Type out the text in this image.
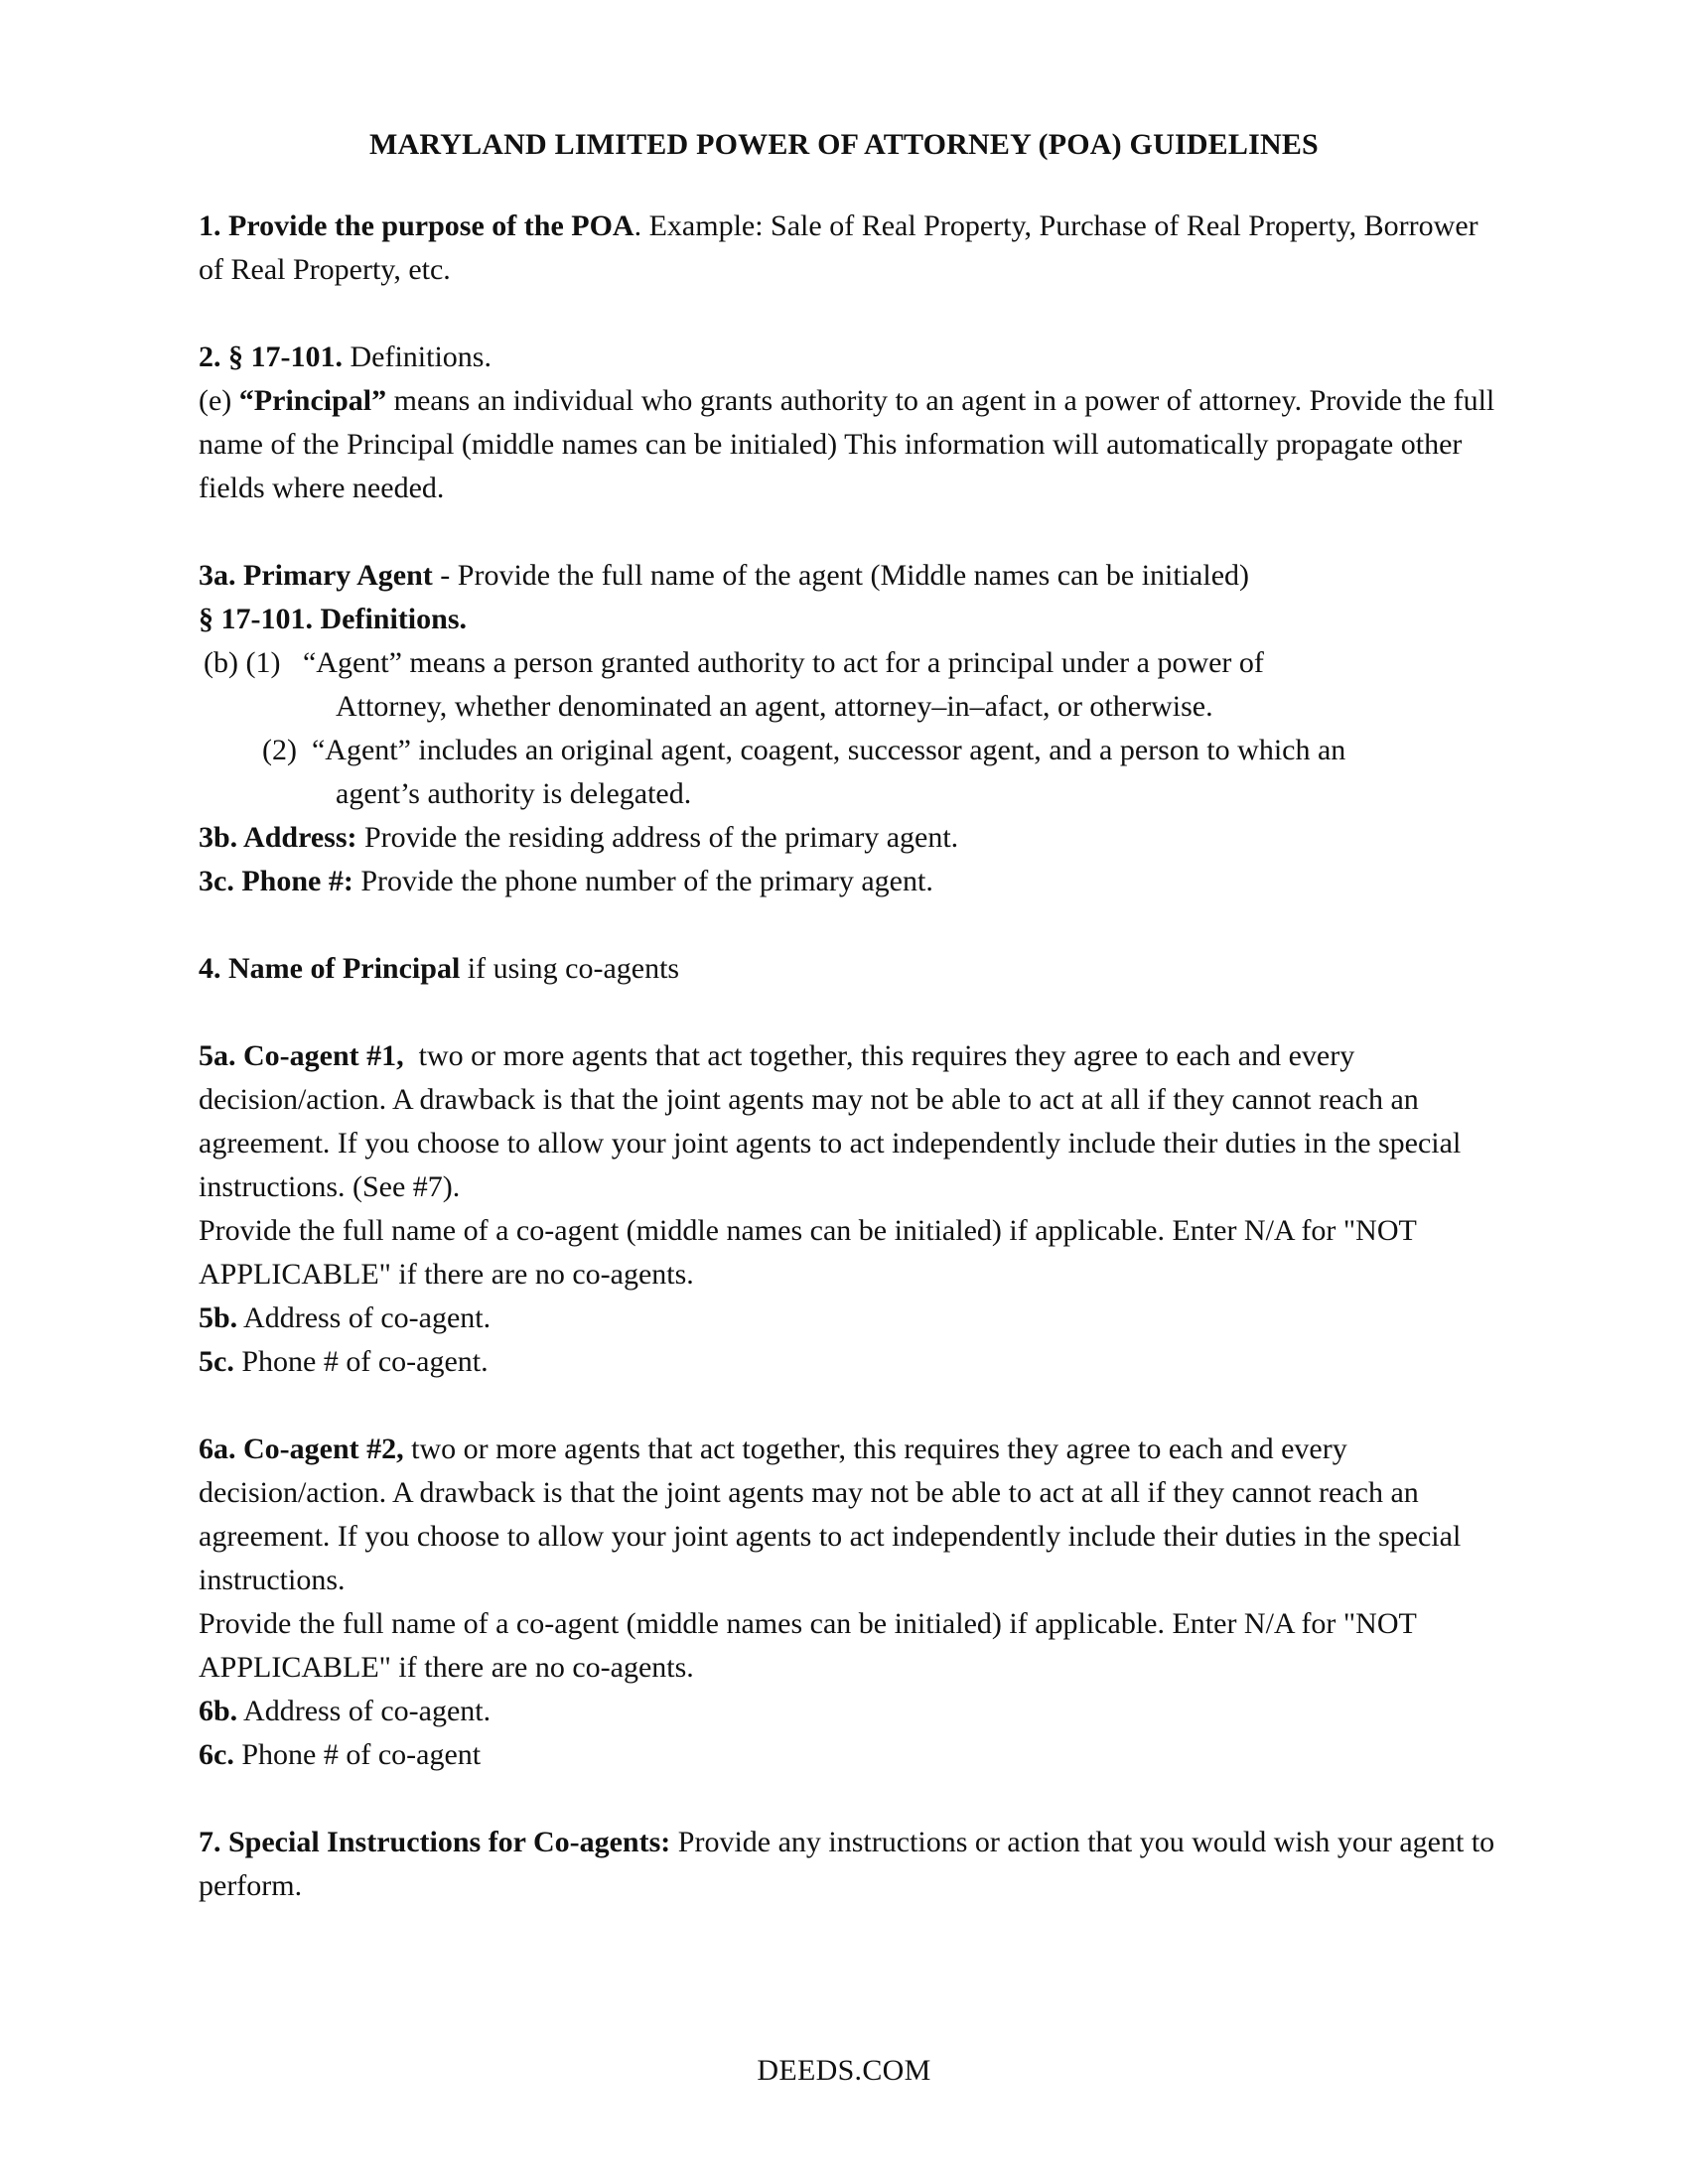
MARYLAND LIMITED POWER OF ATTORNEY (POA) GUIDELINES

1. Provide the purpose of the POA. Example: Sale of Real Property, Purchase of Real Property, Borrower of Real Property, etc.

2. § 17-101. Definitions.

(e) “Principal” means an individual who grants authority to an agent in a power of attorney. Provide the full name of the Principal (middle names can be initialed) This information will automatically propagate other fields where needed.

3a. Primary Agent - Provide the full name of the agent (Middle names can be initialed)

§ 17-101. Definitions.

(b) (1)   “Agent” means a person granted authority to act for a principal under a power of

Attorney, whether denominated an agent, attorney–in–afact, or otherwise.

(2)  “Agent” includes an original agent, coagent, successor agent, and a person to which an

agent’s authority is delegated.

3b. Address: Provide the residing address of the primary agent.

3c. Phone #: Provide the phone number of the primary agent.

4. Name of Principal if using co-agents

5a. Co-agent #1,  two or more agents that act together, this requires they agree to each and every decision/action. A drawback is that the joint agents may not be able to act at all if they cannot reach an agreement. If you choose to allow your joint agents to act independently include their duties in the special instructions. (See #7).

Provide the full name of a co-agent (middle names can be initialed) if applicable. Enter N/A for "NOT APPLICABLE" if there are no co-agents.

5b. Address of co-agent.

5c. Phone # of co-agent.

6a. Co-agent #2, two or more agents that act together, this requires they agree to each and every decision/action. A drawback is that the joint agents may not be able to act at all if they cannot reach an agreement. If you choose to allow your joint agents to act independently include their duties in the special instructions.

Provide the full name of a co-agent (middle names can be initialed) if applicable. Enter N/A for "NOT APPLICABLE" if there are no co-agents.

6b. Address of co-agent.

6c. Phone # of co-agent

7. Special Instructions for Co-agents: Provide any instructions or action that you would wish your agent to perform.

DEEDS.COM
